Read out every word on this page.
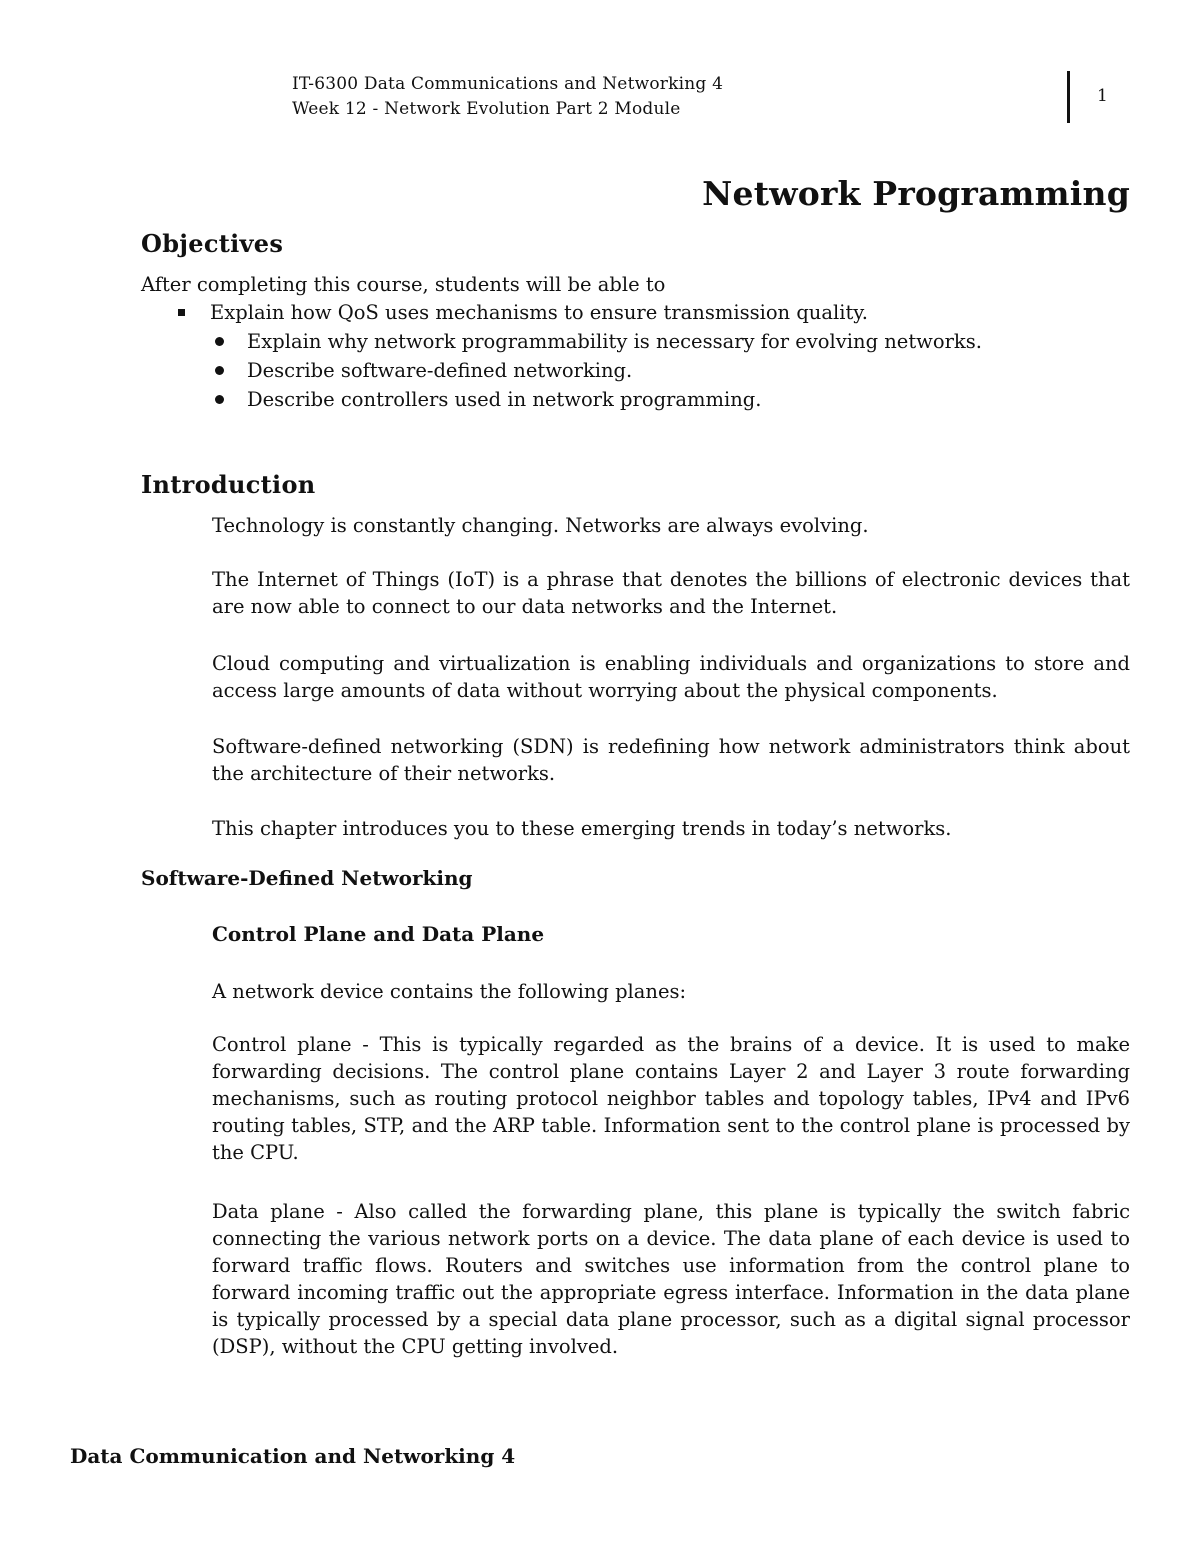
IT-6300 Data Communications and Networking 4
Week 12 - Network Evolution Part 2 Module
1
Network Programming
Objectives
After completing this course, students will be able to
Explain how QoS uses mechanisms to ensure transmission quality.
Explain why network programmability is necessary for evolving networks.
Describe software-defined networking.
Describe controllers used in network programming.
Introduction
Technology is constantly changing. Networks are always evolving.
The Internet of Things (IoT) is a phrase that denotes the billions of electronic devices that are now able to connect to our data networks and the Internet.
Cloud computing and virtualization is enabling individuals and organizations to store and access large amounts of data without worrying about the physical components.
Software-defined networking (SDN) is redefining how network administrators think about the architecture of their networks.
This chapter introduces you to these emerging trends in today’s networks.
Software-Defined Networking
Control Plane and Data Plane
A network device contains the following planes:
Control plane - This is typically regarded as the brains of a device. It is used to make forwarding decisions. The control plane contains Layer 2 and Layer 3 route forwarding mechanisms, such as routing protocol neighbor tables and topology tables, IPv4 and IPv6 routing tables, STP, and the ARP table. Information sent to the control plane is processed by the CPU.
Data plane - Also called the forwarding plane, this plane is typically the switch fabric connecting the various network ports on a device. The data plane of each device is used to forward traffic flows. Routers and switches use information from the control plane to forward incoming traffic out the appropriate egress interface. Information in the data plane is typically processed by a special data plane processor, such as a digital signal processor (DSP), without the CPU getting involved.
Data Communication and Networking 4
